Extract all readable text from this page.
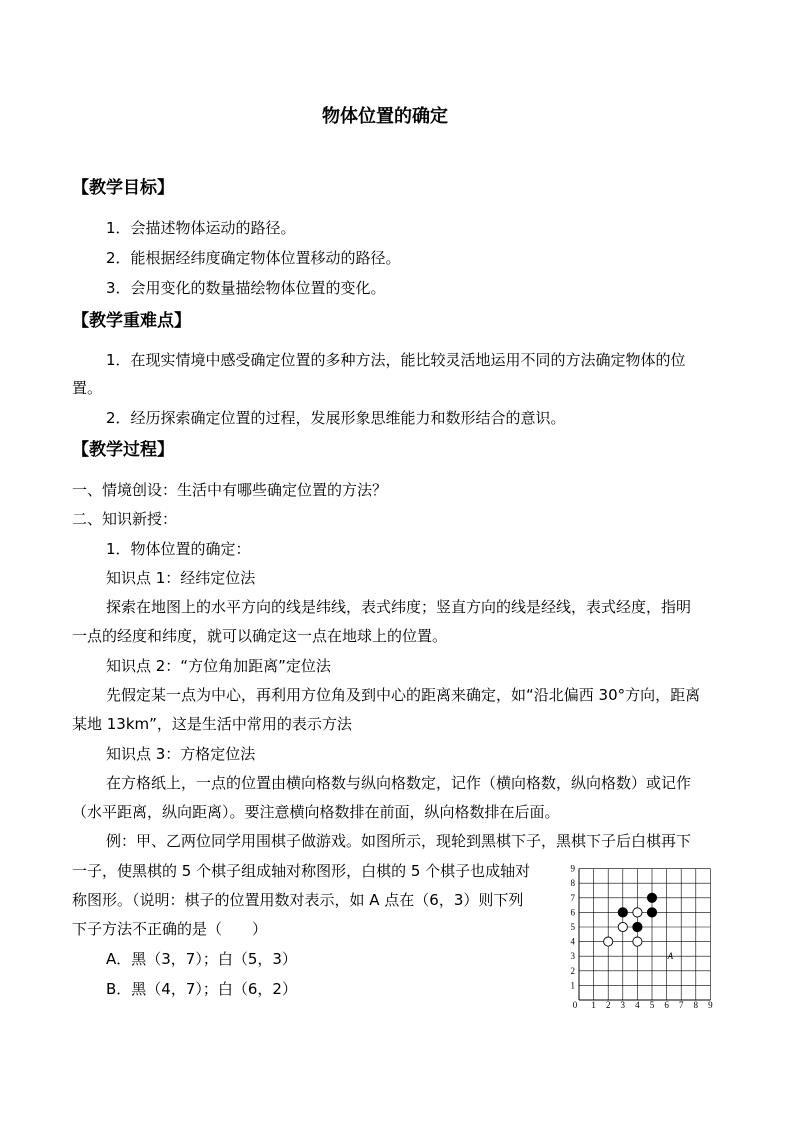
物体位置的确定
【教学目标】
1．会描述物体运动的路径。
2．能根据经纬度确定物体位置移动的路径。
3．会用变化的数量描绘物体位置的变化。
【教学重难点】
1．在现实情境中感受确定位置的多种方法，能比较灵活地运用不同的方法确定物体的位
置。
2．经历探索确定位置的过程，发展形象思维能力和数形结合的意识。
【教学过程】
一、情境创设：生活中有哪些确定位置的方法？
二、知识新授：
1．物体位置的确定：
知识点 1：经纬定位法
探索在地图上的水平方向的线是纬线，表式纬度；竖直方向的线是经线，表式经度，指明
一点的经度和纬度，就可以确定这一点在地球上的位置。
知识点 2：“方位角加距离”定位法
先假定某一点为中心，再利用方位角及到中心的距离来确定，如“沿北偏西 30°方向，距离
某地 13km”，这是生活中常用的表示方法
知识点 3：方格定位法
在方格纸上，一点的位置由横向格数与纵向格数定，记作（横向格数，纵向格数）或记作
（水平距离，纵向距离）。要注意横向格数排在前面，纵向格数排在后面。
例：甲、乙两位同学用围棋子做游戏。如图所示，现轮到黑棋下子，黑棋下子后白棋再下
一子，使黑棋的 5 个棋子组成轴对称图形，白棋的 5 个棋子也成轴对
称图形。（说明：棋子的位置用数对表示，如 A 点在（6，3）则下列
下子方法不正确的是（　　）
A．黑（3，7）；白（5，3）
B．黑（4，7）；白（6，2）
0 1 2 3 4 5 6 7 8 9
1
2
3
4
5
6
7
8
9
A
